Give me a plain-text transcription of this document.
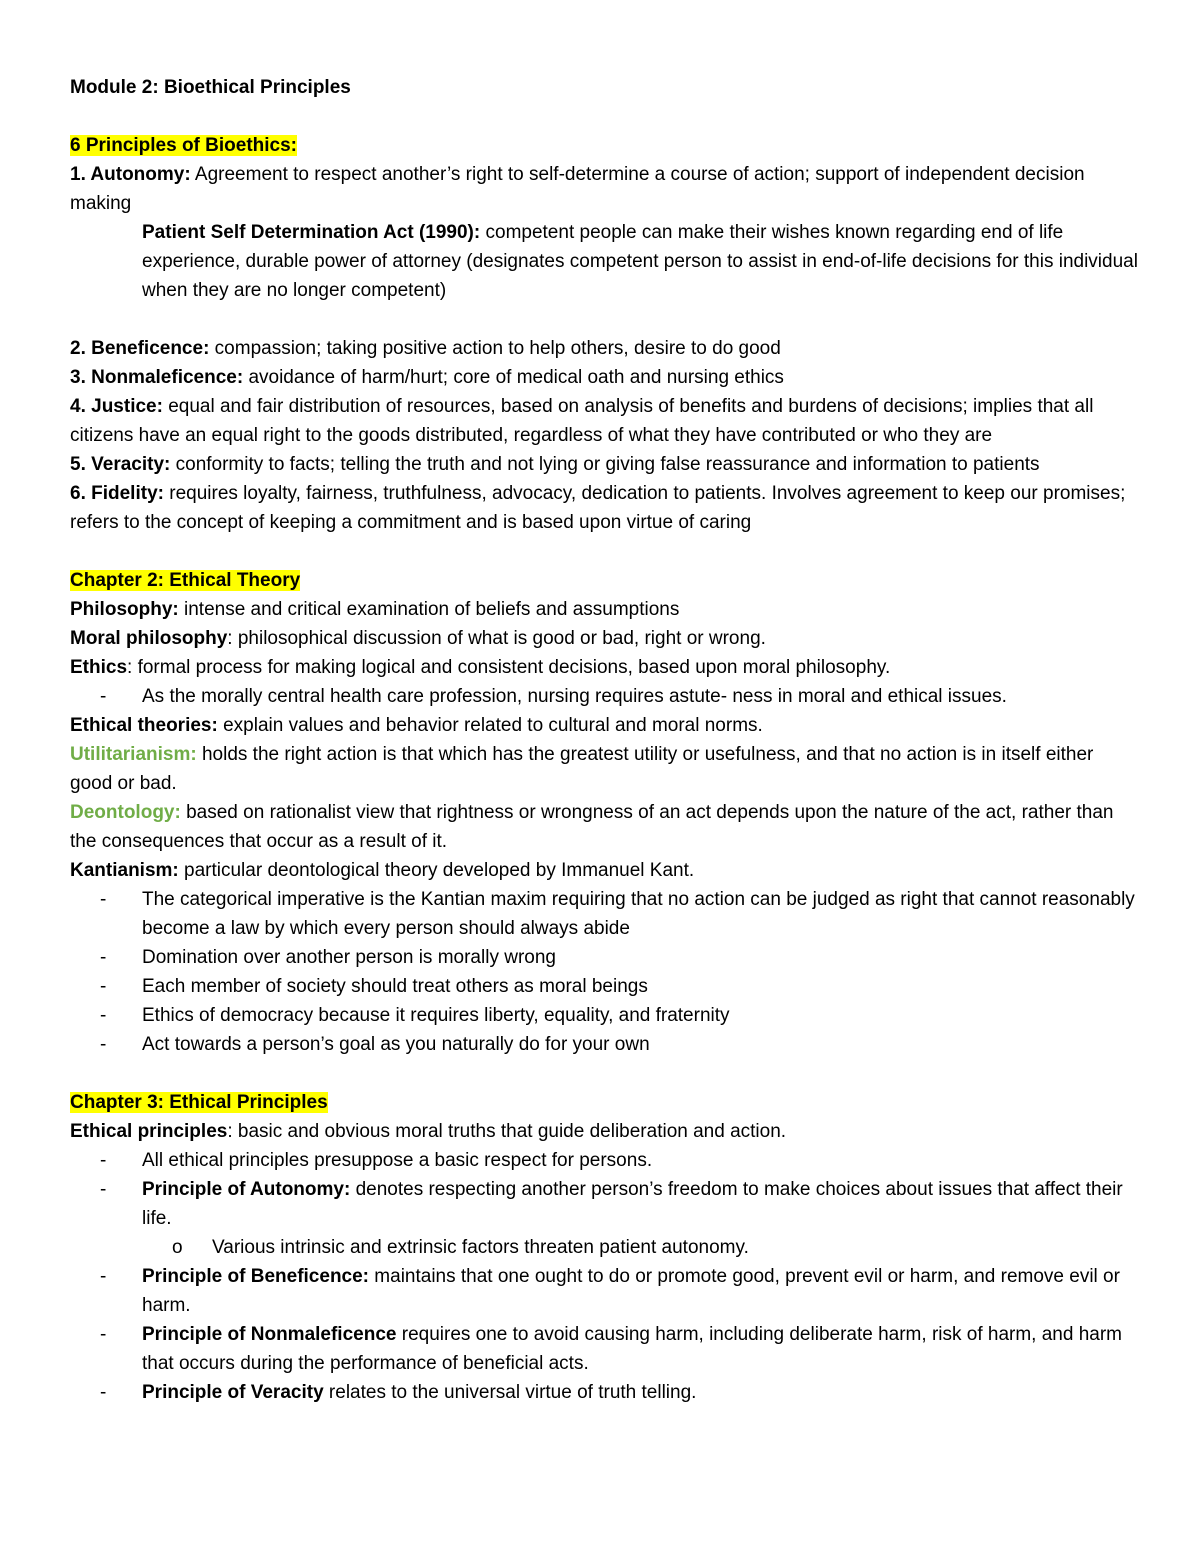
Module 2: Bioethical Principles

6 Principles of Bioethics:

1. Autonomy: Agreement to respect another’s right to self-determine a course of action; support of independent decision making

Patient Self Determination Act (1990): competent people can make their wishes known regarding end of life experience, durable power of attorney (designates competent person to assist in end-of-life decisions for this individual when they are no longer competent)

2. Beneficence: compassion; taking positive action to help others, desire to do good

3. Nonmaleficence: avoidance of harm/hurt; core of medical oath and nursing ethics

4. Justice: equal and fair distribution of resources, based on analysis of benefits and burdens of decisions; implies that all citizens have an equal right to the goods distributed, regardless of what they have contributed or who they are

5. Veracity: conformity to facts; telling the truth and not lying or giving false reassurance and information to patients

6. Fidelity: requires loyalty, fairness, truthfulness, advocacy, dedication to patients. Involves agreement to keep our promises; refers to the concept of keeping a commitment and is based upon virtue of caring

Chapter 2: Ethical Theory

Philosophy: intense and critical examination of beliefs and assumptions

Moral philosophy: philosophical discussion of what is good or bad, right or wrong.

Ethics: formal process for making logical and consistent decisions, based upon moral philosophy.

-	As the morally central health care profession, nursing requires astute- ness in moral and ethical issues.

Ethical theories: explain values and behavior related to cultural and moral norms.

Utilitarianism: holds the right action is that which has the greatest utility or usefulness, and that no action is in itself either good or bad.

Deontology: based on rationalist view that rightness or wrongness of an act depends upon the nature of the act, rather than the consequences that occur as a result of it.

Kantianism: particular deontological theory developed by Immanuel Kant.

-	The categorical imperative is the Kantian maxim requiring that no action can be judged as right that cannot reasonably become a law by which every person should always abide
-	Domination over another person is morally wrong
-	Each member of society should treat others as moral beings
-	Ethics of democracy because it requires liberty, equality, and fraternity
-	Act towards a person’s goal as you naturally do for your own

Chapter 3: Ethical Principles

Ethical principles: basic and obvious moral truths that guide deliberation and action.

-	All ethical principles presuppose a basic respect for persons.
-	Principle of Autonomy: denotes respecting another person’s freedom to make choices about issues that affect their life.
o	Various intrinsic and extrinsic factors threaten patient autonomy.
-	Principle of Beneficence: maintains that one ought to do or promote good, prevent evil or harm, and remove evil or harm.
-	Principle of Nonmaleficence requires one to avoid causing harm, including deliberate harm, risk of harm, and harm that occurs during the performance of beneficial acts.
-	Principle of Veracity relates to the universal virtue of truth telling.
